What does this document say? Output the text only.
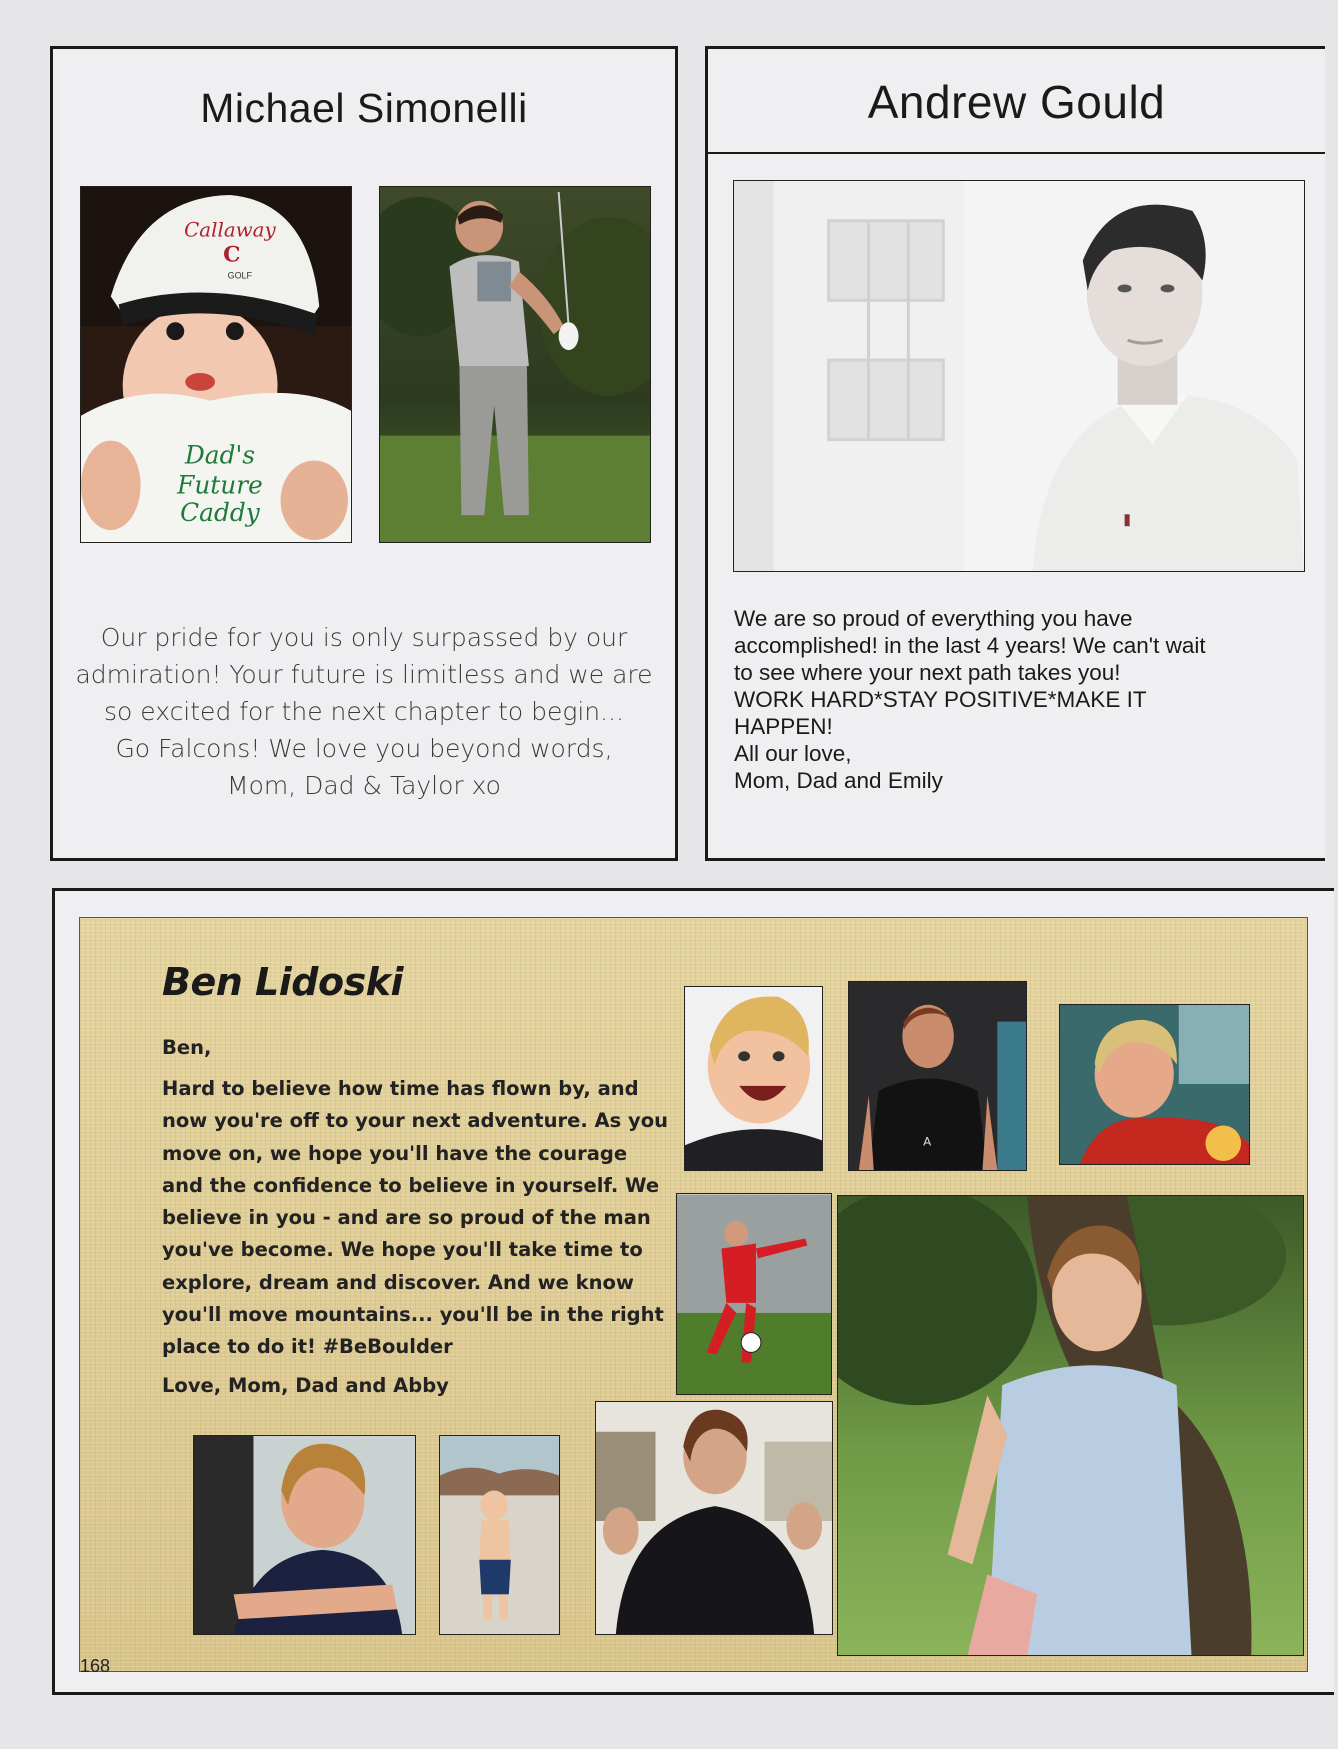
Michael Simonelli
Callaway
C
GOLF
Dad's
Future
Caddy
Our pride for you is only surpassed by our
admiration! Your future is limitless and we are
so excited for the next chapter to begin...
Go Falcons! We love you beyond words,
Mom, Dad & Taylor xo
Andrew Gould
We are so proud of everything you have
accomplished! in the last 4 years! We can't wait
to see where your next path takes you!
WORK HARD*STAY POSITIVE*MAKE IT
HAPPEN!
All our love,
Mom, Dad and Emily
Ben Lidoski

Ben,

Hard to believe how time has flown by, and

now you're off to your next adventure. As you

move on, we hope you'll have the courage

and the confidence to believe in yourself. We

believe in you - and are so proud of the man

you've become. We hope you'll take time to

explore, dream and discover. And we know

you'll move mountains... you'll be in the right

place to do it! #BeBoulder

Love, Mom, Dad and Abby

A
168
